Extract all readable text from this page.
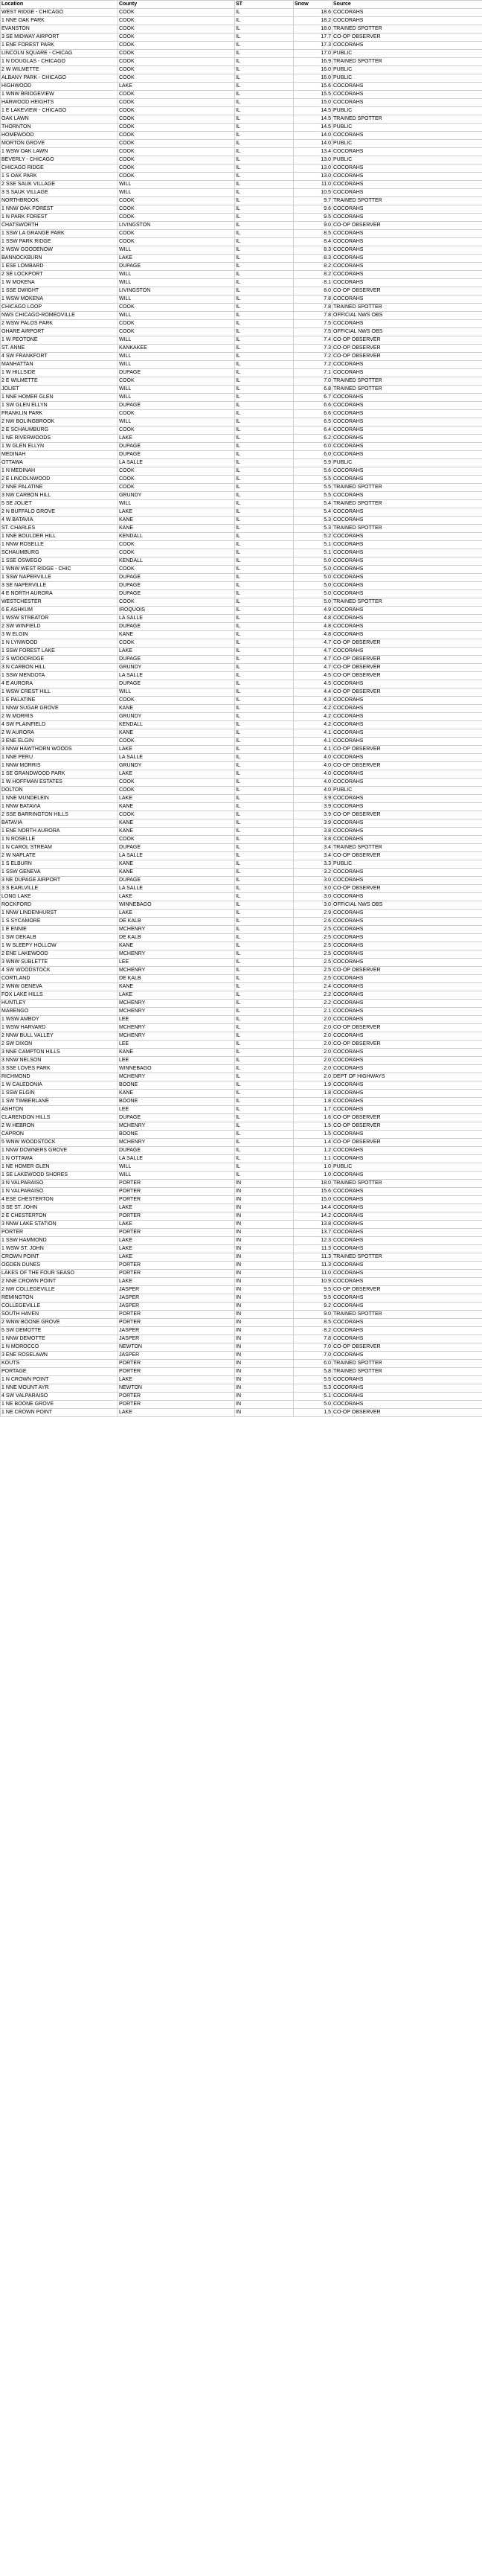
Location	County	ST	Snow	Source
WEST RIDGE - CHICAGO	COOK	IL	18.6	COCORAHS
1 NNE OAK PARK	COOK	IL	18.2	COCORAHS
EVANSTON	COOK	IL	18.0	TRAINED SPOTTER
3 SE MIDWAY AIRPORT	COOK	IL	17.7	CO-OP OBSERVER
1 ENE FOREST PARK	COOK	IL	17.3	COCORAHS
LINCOLN SQUARE - CHICAG	COOK	IL	17.0	PUBLIC
1 N DOUGLAS - CHICAGO	COOK	IL	16.9	TRAINED SPOTTER
2 W WILMETTE	COOK	IL	16.0	PUBLIC
ALBANY PARK - CHICAGO	COOK	IL	16.0	PUBLIC
HIGHWOOD	LAKE	IL	15.6	COCORAHS
1 WNW BRIDGEVIEW	COOK	IL	15.5	COCORAHS
HARWOOD HEIGHTS	COOK	IL	15.0	COCORAHS
1 E LAKEVIEW - CHICAGO	COOK	IL	14.5	PUBLIC
OAK LAWN	COOK	IL	14.5	TRAINED SPOTTER
THORNTON	COOK	IL	14.5	PUBLIC
HOMEWOOD	COOK	IL	14.0	COCORAHS
MORTON GROVE	COOK	IL	14.0	PUBLIC
1 WSW OAK LAWN	COOK	IL	13.4	COCORAHS
BEVERLY - CHICAGO	COOK	IL	13.0	PUBLIC
CHICAGO RIDGE	COOK	IL	13.0	COCORAHS
1 S OAK PARK	COOK	IL	13.0	COCORAHS
2 SSE SAUK VILLAGE	WILL	IL	11.0	COCORAHS
3 S SAUK VILLAGE	WILL	IL	10.5	COCORAHS
NORTHBROOK	COOK	IL	9.7	TRAINED SPOTTER
1 NNW OAK FOREST	COOK	IL	9.6	COCORAHS
1 N PARK FOREST	COOK	IL	9.5	COCORAHS
CHATSWORTH	LIVINGSTON	IL	9.0	CO-OP OBSERVER
1 SSW LA GRANGE PARK	COOK	IL	8.5	COCORAHS
1 SSW PARK RIDGE	COOK	IL	8.4	COCORAHS
2 WSW GOODENOW	WILL	IL	8.3	COCORAHS
BANNOCKBURN	LAKE	IL	8.3	COCORAHS
1 ESE LOMBARD	DUPAGE	IL	8.2	COCORAHS
2 SE LOCKPORT	WILL	IL	8.2	COCORAHS
1 W MOKENA	WILL	IL	8.1	COCORAHS
1 SSE DWIGHT	LIVINGSTON	IL	8.0	CO-OP OBSERVER
1 WSW MOKENA	WILL	IL	7.8	COCORAHS
CHICAGO LOOP	COOK	IL	7.8	TRAINED SPOTTER
NWS CHICAGO-ROMEOVILLE	WILL	IL	7.8	OFFICIAL NWS OBS
2 WSW PALOS PARK	COOK	IL	7.5	COCORAHS
OHARE AIRPORT	COOK	IL	7.5	OFFICIAL NWS OBS
1 W PEOTONE	WILL	IL	7.4	CO-OP OBSERVER
ST. ANNE	KANKAKEE	IL	7.3	CO-OP OBSERVER
4 SW FRANKFORT	WILL	IL	7.2	CO-OP OBSERVER
MANHATTAN	WILL	IL	7.2	COCORAHS
1 W HILLSIDE	DUPAGE	IL	7.1	COCORAHS
2 E WILMETTE	COOK	IL	7.0	TRAINED SPOTTER
JOLIET	WILL	IL	6.8	TRAINED SPOTTER
1 NNE HOMER GLEN	WILL	IL	6.7	COCORAHS
1 SW GLEN ELLYN	DUPAGE	IL	6.6	COCORAHS
FRANKLIN PARK	COOK	IL	6.6	COCORAHS
2 NW BOLINGBROOK	WILL	IL	6.5	COCORAHS
2 E SCHAUMBURG	COOK	IL	6.4	COCORAHS
1 NE RIVERWOODS	LAKE	IL	6.2	COCORAHS
1 W GLEN ELLYN	DUPAGE	IL	6.0	COCORAHS
MEDINAH	DUPAGE	IL	6.0	COCORAHS
OTTAWA	LA SALLE	IL	5.9	PUBLIC
1 N MEDINAH	COOK	IL	5.6	COCORAHS
2 E LINCOLNWOOD	COOK	IL	5.5	COCORAHS
2 NNE PALATINE	COOK	IL	5.5	TRAINED SPOTTER
3 NW CARBON HILL	GRUNDY	IL	5.5	COCORAHS
5 SE JOLIET	WILL	IL	5.4	TRAINED SPOTTER
2 N BUFFALO GROVE	LAKE	IL	5.4	COCORAHS
4 W BATAVIA	KANE	IL	5.3	COCORAHS
ST. CHARLES	KANE	IL	5.3	TRAINED SPOTTER
1 NNE BOULDER HILL	KENDALL	IL	5.2	COCORAHS
1 NNW ROSELLE	COOK	IL	5.1	COCORAHS
SCHAUMBURG	COOK	IL	5.1	COCORAHS
1 SSE OSWEGO	KENDALL	IL	5.0	COCORAHS
1 WNW WEST RIDGE - CHIC	COOK	IL	5.0	COCORAHS
1 SSW NAPERVILLE	DUPAGE	IL	5.0	COCORAHS
3 SE NAPERVILLE	DUPAGE	IL	5.0	COCORAHS
4 E NORTH AURORA	DUPAGE	IL	5.0	COCORAHS
WESTCHESTER	COOK	IL	5.0	TRAINED SPOTTER
6 E ASHKUM	IROQUOIS	IL	4.9	COCORAHS
1 WSW STREATOR	LA SALLE	IL	4.8	COCORAHS
2 SW WINFIELD	DUPAGE	IL	4.8	COCORAHS
3 W ELGIN	KANE	IL	4.8	COCORAHS
1 N LYNWOOD	COOK	IL	4.7	CO-OP OBSERVER
1 SSW FOREST LAKE	LAKE	IL	4.7	COCORAHS
2 S WOODRIDGE	DUPAGE	IL	4.7	CO-OP OBSERVER
3 N CARBON HILL	GRUNDY	IL	4.7	CO-OP OBSERVER
1 SSW MENDOTA	LA SALLE	IL	4.5	CO-OP OBSERVER
4 E AURORA	DUPAGE	IL	4.5	COCORAHS
1 WSW CREST HILL	WILL	IL	4.4	CO-OP OBSERVER
1 E PALATINE	COOK	IL	4.3	COCORAHS
1 NNW SUGAR GROVE	KANE	IL	4.2	COCORAHS
2 W MORRIS	GRUNDY	IL	4.2	COCORAHS
4 SW PLAINFIELD	KENDALL	IL	4.2	COCORAHS
2 W AURORA	KANE	IL	4.1	COCORAHS
3 ENE ELGIN	COOK	IL	4.1	COCORAHS
3 NNW HAWTHORN WOODS	LAKE	IL	4.1	CO-OP OBSERVER
1 NNE PERU	LA SALLE	IL	4.0	COCORAHS
1 NNW MORRIS	GRUNDY	IL	4.0	CO-OP OBSERVER
1 SE GRANDWOOD PARK	LAKE	IL	4.0	COCORAHS
1 W HOFFMAN ESTATES	COOK	IL	4.0	COCORAHS
DOLTON	COOK	IL	4.0	PUBLIC
1 NNE MUNDELEIN	LAKE	IL	3.9	COCORAHS
1 NNW BATAVIA	KANE	IL	3.9	COCORAHS
2 SSE BARRINGTON HILLS	COOK	IL	3.9	CO-OP OBSERVER
BATAVIA	KANE	IL	3.9	COCORAHS
1 ENE NORTH AURORA	KANE	IL	3.8	COCORAHS
1 N ROSELLE	COOK	IL	3.8	COCORAHS
1 N CAROL STREAM	DUPAGE	IL	3.4	TRAINED SPOTTER
2 W NAPLATE	LA SALLE	IL	3.4	CO-OP OBSERVER
1 S ELBURN	KANE	IL	3.3	PUBLIC
1 SSW GENEVA	KANE	IL	3.2	COCORAHS
3 NE DUPAGE AIRPORT	DUPAGE	IL	3.0	COCORAHS
3 S EARLVILLE	LA SALLE	IL	3.0	CO-OP OBSERVER
LONG LAKE	LAKE	IL	3.0	COCORAHS
ROCKFORD	WINNEBAGO	IL	3.0	OFFICIAL NWS OBS
1 NNW LINDENHURST	LAKE	IL	2.9	COCORAHS
1 S SYCAMORE	DE KALB	IL	2.6	COCORAHS
1 E ENNIE	MCHENRY	IL	2.5	COCORAHS
1 SW DEKALB	DE KALB	IL	2.5	COCORAHS
1 W SLEEPY HOLLOW	KANE	IL	2.5	COCORAHS
2 ENE LAKEWOOD	MCHENRY	IL	2.5	COCORAHS
3 WNW SUBLETTE	LEE	IL	2.5	COCORAHS
4 SW WOODSTOCK	MCHENRY	IL	2.5	CO-OP OBSERVER
CORTLAND	DE KALB	IL	2.5	COCORAHS
2 WNW GENEVA	KANE	IL	2.4	COCORAHS
FOX LAKE HILLS	LAKE	IL	2.2	COCORAHS
HUNTLEY	MCHENRY	IL	2.2	COCORAHS
MARENGO	MCHENRY	IL	2.1	COCORAHS
1 WSW AMBOY	LEE	IL	2.0	COCORAHS
1 WSW HARVARD	MCHENRY	IL	2.0	CO-OP OBSERVER
2 NNW BULL VALLEY	MCHENRY	IL	2.0	COCORAHS
2 SW DIXON	LEE	IL	2.0	CO-OP OBSERVER
3 NNE CAMPTON HILLS	KANE	IL	2.0	COCORAHS
3 NNW NELSON	LEE	IL	2.0	COCORAHS
3 SSE LOVES PARK	WINNEBAGO	IL	2.0	COCORAHS
RICHMOND	MCHENRY	IL	2.0	DEPT OF HIGHWAYS
1 W CALEDONIA	BOONE	IL	1.9	COCORAHS
1 SSW ELGIN	KANE	IL	1.8	COCORAHS
1 SW TIMBERLANE	BOONE	IL	1.8	COCORAHS
ASHTON	LEE	IL	1.7	COCORAHS
CLARENDON HILLS	DUPAGE	IL	1.6	CO-OP OBSERVER
2 W HEBRON	MCHENRY	IL	1.5	CO-OP OBSERVER
CAPRON	BOONE	IL	1.5	COCORAHS
5 WNW WOODSTOCK	MCHENRY	IL	1.4	CO-OP OBSERVER
1 NNW DOWNERS GROVE	DUPAGE	IL	1.2	COCORAHS
1 N OTTAWA	LA SALLE	IL	1.1	COCORAHS
1 NE HOMER GLEN	WILL	IL	1.0	PUBLIC
1 SE LAKEWOOD SHORES	WILL	IL	1.0	COCORAHS
3 N VALPARAISO	PORTER	IN	18.0	TRAINED SPOTTER
1 N VALPARAISO	PORTER	IN	15.6	COCORAHS
4 ESE CHESTERTON	PORTER	IN	15.0	COCORAHS
3 SE ST. JOHN	LAKE	IN	14.4	COCORAHS
2 E CHESTERTON	PORTER	IN	14.2	COCORAHS
3 NNW LAKE STATION	LAKE	IN	13.8	COCORAHS
PORTER	PORTER	IN	13.7	COCORAHS
1 SSW HAMMOND	LAKE	IN	12.3	COCORAHS
1 WSW ST. JOHN	LAKE	IN	11.3	COCORAHS
CROWN POINT	LAKE	IN	11.3	TRAINED SPOTTER
OGDEN DUNES	PORTER	IN	11.3	COCORAHS
LAKES OF THE FOUR SEASO	PORTER	IN	11.0	COCORAHS
2 NNE CROWN POINT	LAKE	IN	10.9	COCORAHS
2 NW COLLEGEVILLE	JASPER	IN	9.5	CO-OP OBSERVER
REMINGTON	JASPER	IN	9.5	COCORAHS
COLLEGEVILLE	JASPER	IN	9.2	COCORAHS
SOUTH HAVEN	PORTER	IN	9.0	TRAINED SPOTTER
2 WNW BOONE GROVE	PORTER	IN	8.5	COCORAHS
5 SW DEMOTTE	JASPER	IN	8.2	COCORAHS
1 NNW DEMOTTE	JASPER	IN	7.8	COCORAHS
1 N MOROCCO	NEWTON	IN	7.0	CO-OP OBSERVER
3 ENE ROSELAWN	JASPER	IN	7.0	COCORAHS
KOUTS	PORTER	IN	6.0	TRAINED SPOTTER
PORTAGE	PORTER	IN	5.8	TRAINED SPOTTER
1 N CROWN POINT	LAKE	IN	5.5	COCORAHS
1 NNE MOUNT AYR	NEWTON	IN	5.3	COCORAHS
4 SW VALPARAISO	PORTER	IN	5.1	COCORAHS
1 NE BOONE GROVE	PORTER	IN	5.0	COCORAHS
1 NE CROWN POINT	LAKE	IN	1.5	CO-OP OBSERVER
